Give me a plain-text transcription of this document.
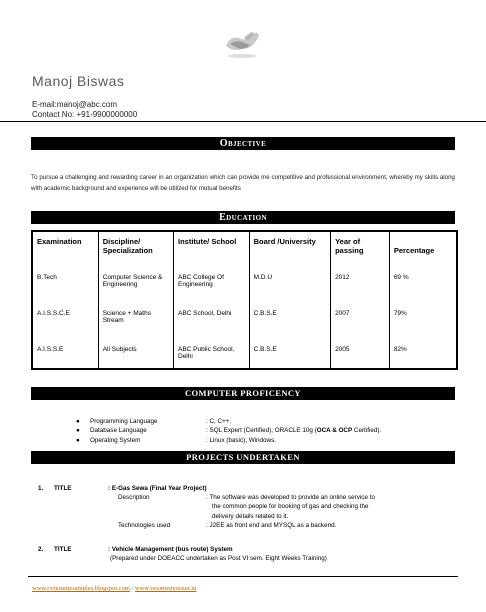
Manoj Biswas
E-mail:manoj@abc.com
Contact No: +91-9900000000
Objective
To pursue a challenging and rewarding career in an organization which can provide me competitive and professional environment, whereby my skills along with academic background and experience will be utilized for mutual benefits
Education
Examination	Discipline/ Specialization	Institute/ School	Board /University	Year of passing	Percentage
B.Tech	Computer Science & Engineering	ABC College Of Engineering	M.D.U	2012	69 %
A.I.S.S.C.E	Science + Maths Stream	ABC School, Delhi	C.B.S.E	2007	79%
A.I.S.S.E	All Subjects	ABC Public School, Delhi	C.B.S.E	2005	82%
COMPUTER PROFICENCY
●	Programming Language	: C, C++.
●	Database Language	: SQL Expert (Certified), ORACLE 10g (OCA & OCP Certified).
●	Operating System	: Linux (basic), Windows.
PROJECTS UNDERTAKEN
1.	TITLE	: E-Gas Sewa (Final Year Project)
Description	: The software was developed to provide an online service to
the common people for booking of gas and checking the
delivery details related to it.
Technologies used	: J2EE as front end and MYSQL as a backend.
2.	TITLE	: Vehicle Management (bus route) System
(Prepared under DOEACC undertaken as Post VI sem. Eight Weeks Training)
www.cvresumesamples.blogspot.com / www.resumemonster.in
